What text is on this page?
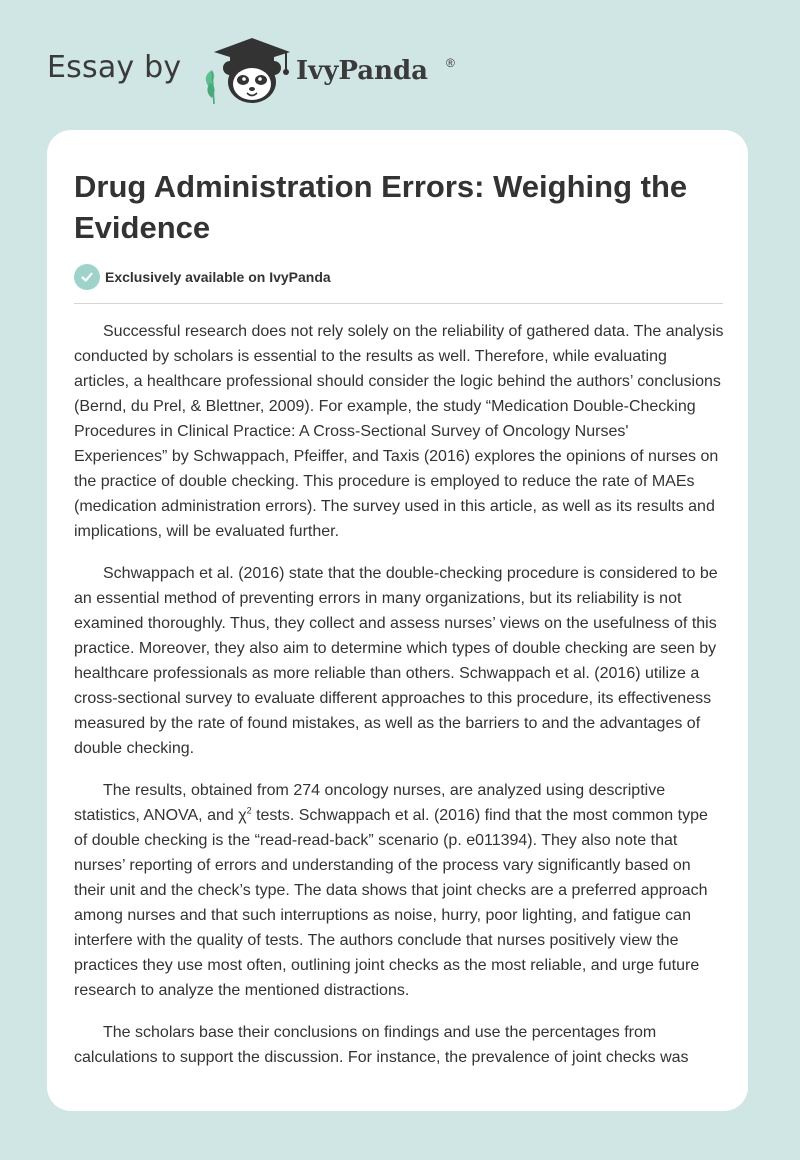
Essay by	IvyPanda ®
Drug Administration Errors: Weighing the Evidence
Exclusively available on IvyPanda

Successful research does not rely solely on the reliability of gathered data. The analysis conducted by scholars is essential to the results as well. Therefore, while evaluating articles, a healthcare professional should consider the logic behind the authors’ conclusions (Bernd, du Prel, & Blettner, 2009). For example, the study “Medication Double-Checking Procedures in Clinical Practice: A Cross-Sectional Survey of Oncology Nurses' Experiences” by Schwappach, Pfeiffer, and Taxis (2016) explores the opinions of nurses on the practice of double checking. This procedure is employed to reduce the rate of MAEs (medication administration errors). The survey used in this article, as well as its results and implications, will be evaluated further.

Schwappach et al. (2016) state that the double-checking procedure is considered to be an essential method of preventing errors in many organizations, but its reliability is not examined thoroughly. Thus, they collect and assess nurses’ views on the usefulness of this practice. Moreover, they also aim to determine which types of double checking are seen by healthcare professionals as more reliable than others. Schwappach et al. (2016) utilize a cross-sectional survey to evaluate different approaches to this procedure, its effectiveness measured by the rate of found mistakes, as well as the barriers to and the advantages of double checking.

The results, obtained from 274 oncology nurses, are analyzed using descriptive statistics, ANOVA, and $\chi^2$ tests. Schwappach et al. (2016) find that the most common type of double checking is the “read-read-back” scenario (p. e011394). They also note that nurses’ reporting of errors and understanding of the process vary significantly based on their unit and the check’s type. The data shows that joint checks are a preferred approach among nurses and that such interruptions as noise, hurry, poor lighting, and fatigue can interfere with the quality of tests. The authors conclude that nurses positively view the practices they use most often, outlining joint checks as the most reliable, and urge future research to analyze the mentioned distractions.

The scholars base their conclusions on findings and use the percentages from calculations to support the discussion. For instance, the prevalence of joint checks was
